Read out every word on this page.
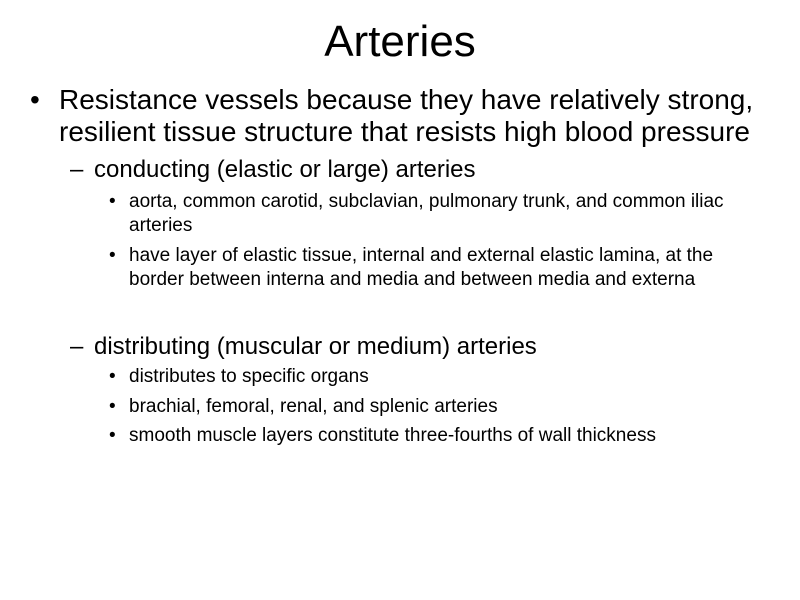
Arteries
• Resistance vessels because they have relatively strong, resilient tissue structure that resists high blood pressure
– conducting (elastic or large) arteries
• aorta, common carotid, subclavian, pulmonary trunk, and common iliac arteries
• have layer of elastic tissue, internal and external elastic lamina, at the border between interna and media and between media and externa
– distributing (muscular or medium) arteries
• distributes to specific organs
• brachial, femoral, renal, and splenic arteries
• smooth muscle layers constitute three-fourths of wall thickness
